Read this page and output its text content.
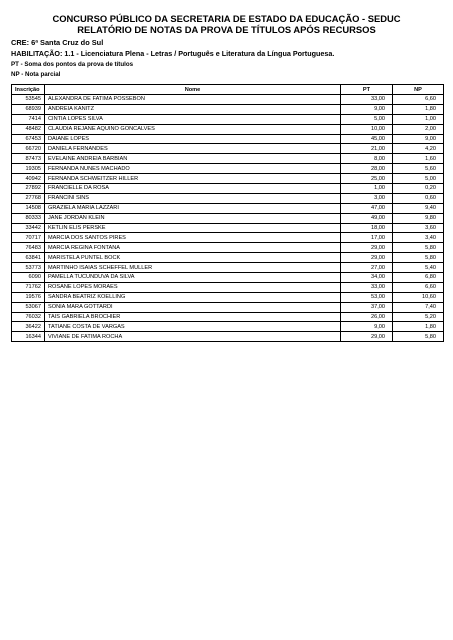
CONCURSO PÚBLICO DA SECRETARIA DE ESTADO DA EDUCAÇÃO - SEDUC
RELATÓRIO DE NOTAS DA PROVA DE TÍTULOS APÓS RECURSOS
CRE: 6ª Santa Cruz do Sul
HABILITAÇÃO: 1.1 - Licenciatura Plena - Letras / Português e Literatura da Língua Portuguesa.
PT - Soma dos pontos da prova de títulos
NP - Nota parcial
Inscrição	Nome	PT	NP
53545	ALEXANDRA DE FATIMA POSSEBON	33,00	6,60
68939	ANDREIA KANITZ	9,00	1,80
7414	CINTIA LOPES SILVA	5,00	1,00
48482	CLAUDIA REJANE AQUINO GONCALVES	10,00	2,00
67453	DAIANE LOPES	45,00	9,00
66720	DANIELA FERNANDES	21,00	4,20
87473	EVELAINE ANDREIA BARBIAN	8,00	1,60
19305	FERNANDA NUNES MACHADO	28,00	5,60
40942	FERNANDA SCHWEITZER HILLER	25,00	5,00
27892	FRANCIELLE DA ROSA	1,00	0,20
27768	FRANCINI SINS	3,00	0,60
14508	GRAZIELA MARIA LAZZARI	47,00	9,40
80333	JANE JORDAN KLEIN	49,00	9,80
33442	KETLIN ELIS PERSKE	18,00	3,60
70717	MARCIA DOS SANTOS PIRES	17,00	3,40
76483	MARCIA REGINA FONTANA	29,00	5,80
63841	MARISTELA PUNTEL BOCK	29,00	5,80
53773	MARTINHO ISAIAS SCHEFFEL MULLER	27,00	5,40
6090	PAMELLA TUCUNDUVA DA SILVA	34,00	6,80
71762	ROSANE LOPES MORAES	33,00	6,60
19576	SANDRA BEATRIZ KOELLING	53,00	10,60
53067	SONIA MARA GOTTARDI	37,00	7,40
76032	TAIS GABRIELA BROCHIER	26,00	5,20
36422	TATIANE COSTA DE VARGAS	9,00	1,80
16344	VIVIANE DE FATIMA ROCHA	29,00	5,80
